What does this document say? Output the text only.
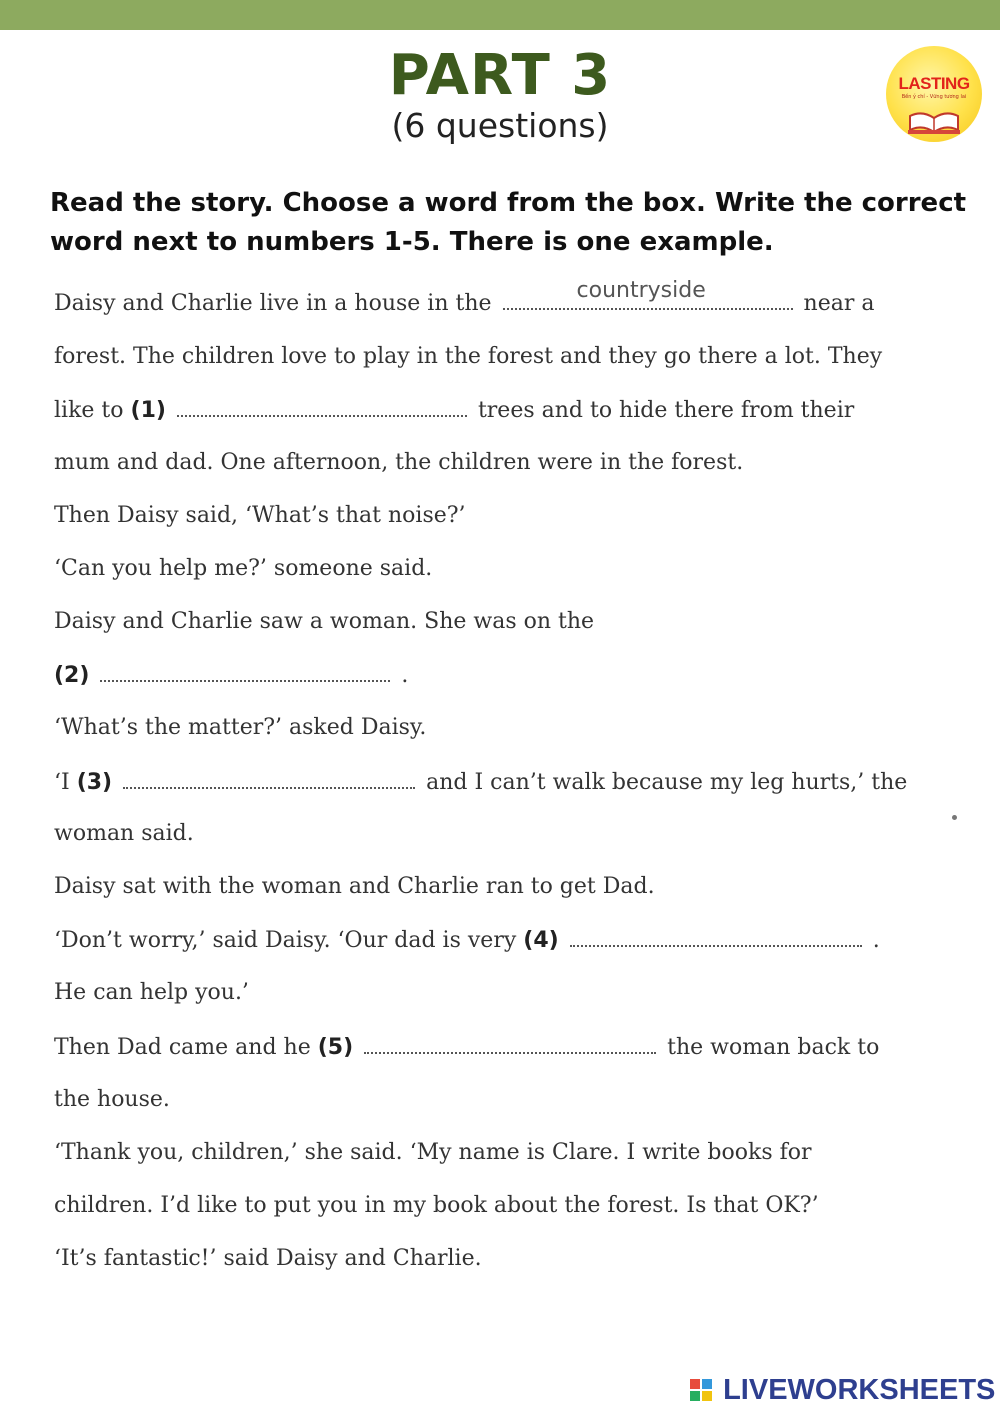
PART 3
(6 questions)
LASTING
Bền ý chí - Vững tương lai
Read the story. Choose a word from the box. Write the correct word next to numbers 1-5. There is one example.
Daisy and Charlie live in a house in the
countryside
near a
forest. The children love to play in the forest and they go there a lot. They
like to (1)	trees and to hide there from their
mum and dad. One afternoon, the children were in the forest.
Then Daisy said, ‘What’s that noise?’
‘Can you help me?’ someone said.
Daisy and Charlie saw a woman. She was on the
(2)	.
‘What’s the matter?’ asked Daisy.
‘I (3)	and I can’t walk because my leg hurts,’ the
woman said.
Daisy sat with the woman and Charlie ran to get Dad.
‘Don’t worry,’ said Daisy. ‘Our dad is very (4)	.
He can help you.’
Then Dad came and he (5)	the woman back to
the house.
‘Thank you, children,’ she said. ‘My name is Clare. I write books for
children. I’d like to put you in my book about the forest. Is that OK?’
‘It’s fantastic!’ said Daisy and Charlie.
LIVEWORKSHEETS
